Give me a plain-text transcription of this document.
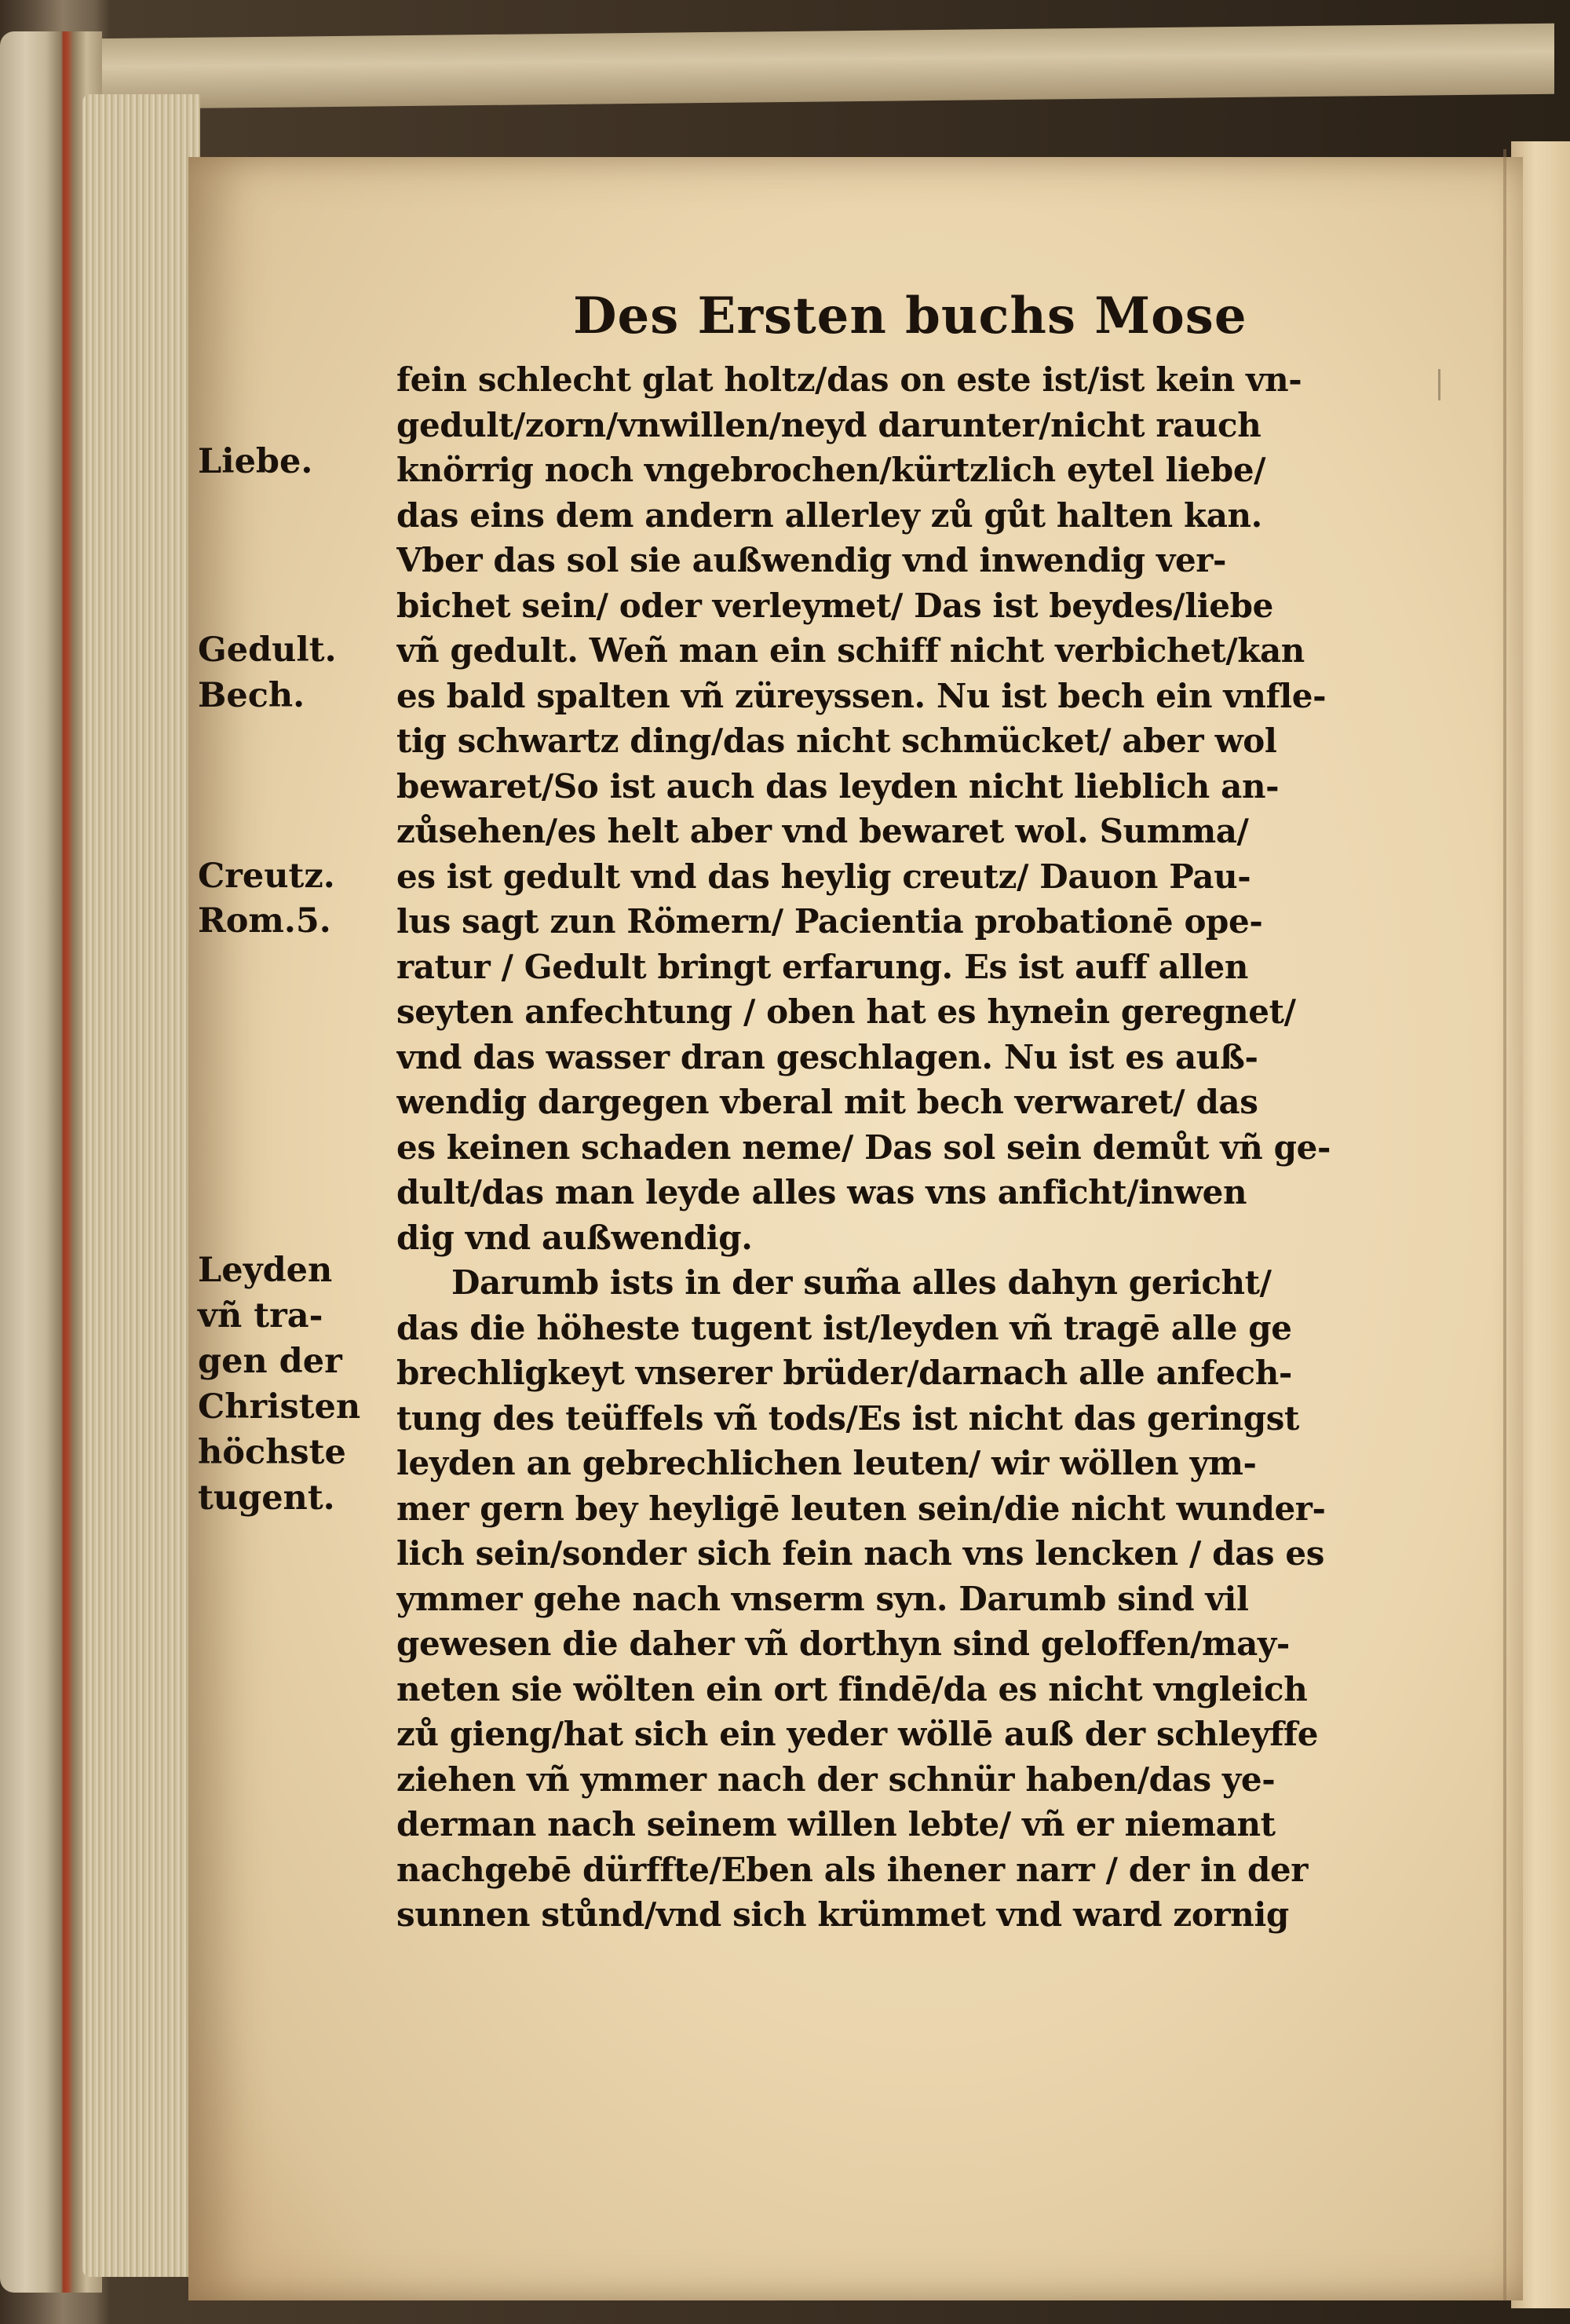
Des Ersten buchs Mose
fein schlecht glat holtz/das on este ist/ist kein vn-
gedult/zorn/vnwillen/neyd darunter/nicht rauch
knörrig noch vngebrochen/kürtzlich eytel liebe/
das eins dem andern allerley zů gůt halten kan.
Vber das sol sie außwendig vnd inwendig ver-
bichet sein/ oder verleymet/ Das ist beydes/liebe
vñ gedult. Weñ man ein schiff nicht verbichet/kan
es bald spalten vñ züreyssen. Nu ist bech ein vnfle-
tig schwartz ding/das nicht schmücket/ aber wol
bewaret/So ist auch das leyden nicht lieblich an-
zůsehen/es helt aber vnd bewaret wol. Summa/
es ist gedult vnd das heylig creutz/ Dauon Pau-
lus sagt zun Römern/ Pacientia probationē ope-
ratur / Gedult bringt erfarung. Es ist auff allen
seyten anfechtung / oben hat es hynein geregnet/
vnd das wasser dran geschlagen. Nu ist es auß-
wendig dargegen vberal mit bech verwaret/ das
es keinen schaden neme/ Das sol sein demůt vñ ge-
dult/das man leyde alles was vns anficht/inwen
dig vnd außwendig.
Darumb ists in der sum̃a alles dahyn gericht/
das die höheste tugent ist/leyden vñ tragē alle ge
brechligkeyt vnserer brüder/darnach alle anfech-
tung des teüffels vñ tods/Es ist nicht das geringst
leyden an gebrechlichen leuten/ wir wöllen ym-
mer gern bey heyligē leuten sein/die nicht wunder-
lich sein/sonder sich fein nach vns lencken / das es
ymmer gehe nach vnserm syn. Darumb sind vil
gewesen die daher vñ dorthyn sind geloffen/may-
neten sie wölten ein ort findē/da es nicht vngleich
zů gieng/hat sich ein yeder wöllē auß der schleyffe
ziehen vñ ymmer nach der schnür haben/das ye-
derman nach seinem willen lebte/ vñ er niemant
nachgebē dürffte/Eben als ihener narr / der in der
sunnen stůnd/vnd sich krümmet vnd ward zornig
Liebe.
Gedult.
Bech.
Creutz.
Rom.5.
Leyden
vñ tra-
gen der
Christen
höchste
tugent.
